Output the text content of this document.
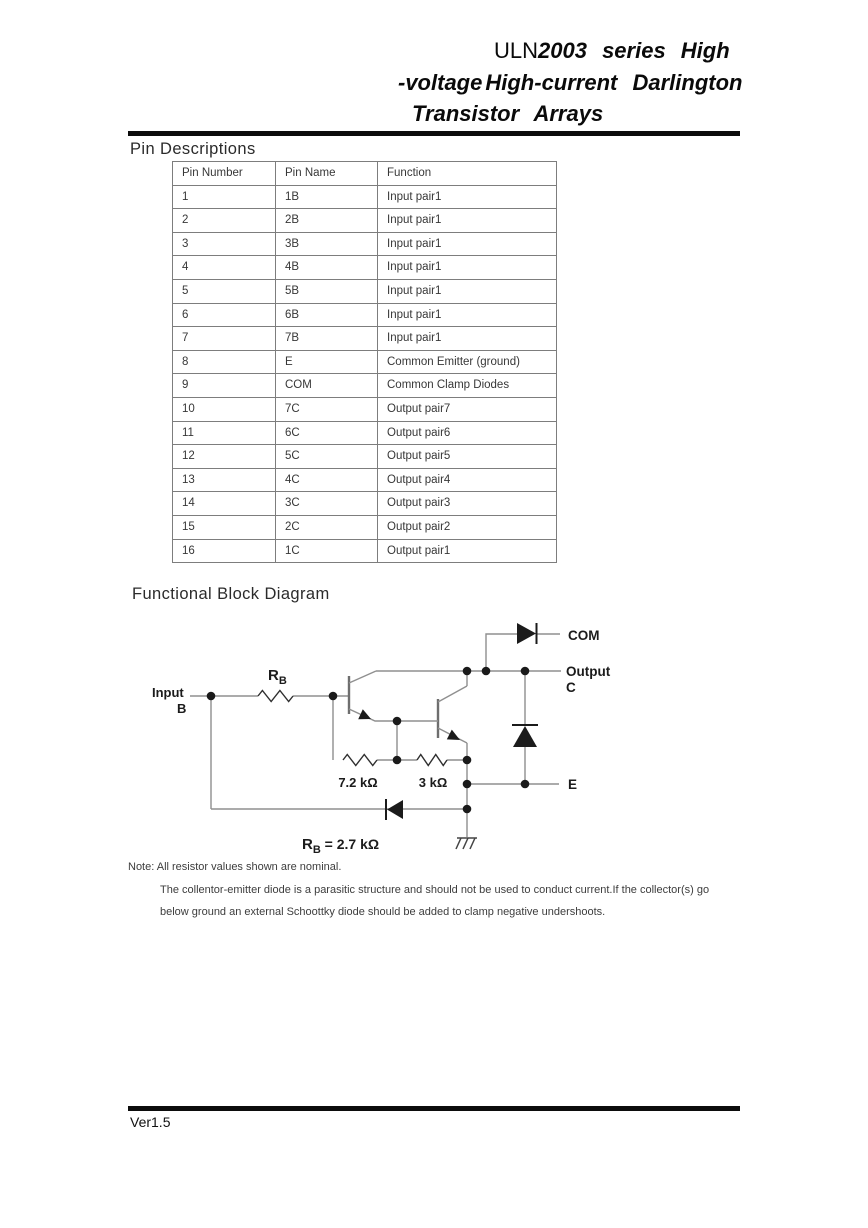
ULN2003 series High
-voltage High-current Darlington
Transistor Arrays
Pin Descriptions
Pin Number	Pin Name	Function
1	1B	Input pair1
2	2B	Input pair1
3	3B	Input pair1
4	4B	Input pair1
5	5B	Input pair1
6	6B	Input pair1
7	7B	Input pair1
8	E	Common Emitter (ground)
9	COM	Common Clamp Diodes
10	7C	Output pair7
11	6C	Output pair6
12	5C	Output pair5
13	4C	Output pair4
14	3C	Output pair3
15	2C	Output pair2
16	1C	Output pair1
Functional Block Diagram
Input
B
$R_B$
7.2 kΩ	3 kΩ
COM
Output
C
E
$R_B = 2.7$ kΩ
Note: All resistor values shown are nominal.
The collentor-emitter diode is a parasitic structure and should not be used to conduct current.If the collector(s) go
below ground an external Schoottky diode should be added to clamp negative undershoots.
Ver1.5
